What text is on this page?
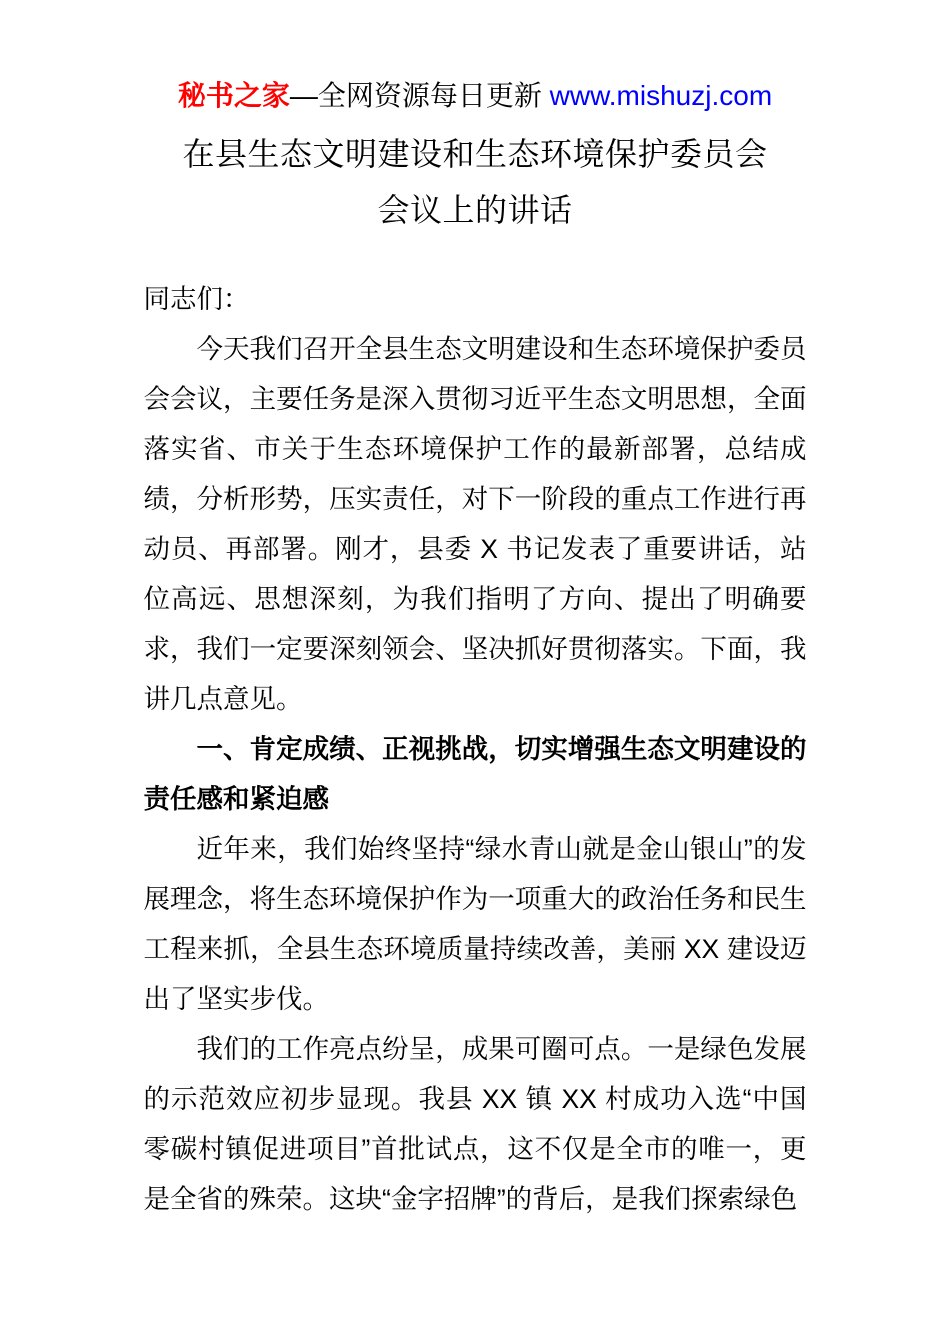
秘书之家—全网资源每日更新 www.mishuzj.com
在县生态文明建设和生态环境保护委员会
会议上的讲话

同志们：

今天我们召开全县生态文明建设和生态环境保护委员会会议，主要任务是深入贯彻习近平生态文明思想，全面落实省、市关于生态环境保护工作的最新部署，总结成绩，分析形势，压实责任，对下一阶段的重点工作进行再动员、再部署。刚才，县委 X 书记发表了重要讲话，站位高远、思想深刻，为我们指明了方向、提出了明确要求，我们一定要深刻领会、坚决抓好贯彻落实。下面，我讲几点意见。

一、肯定成绩、正视挑战，切实增强生态文明建设的责任感和紧迫感

近年来，我们始终坚持“绿水青山就是金山银山”的发展理念，将生态环境保护作为一项重大的政治任务和民生工程来抓，全县生态环境质量持续改善，美丽 XX 建设迈出了坚实步伐。

我们的工作亮点纷呈，成果可圈可点。一是绿色发展的示范效应初步显现。我县 XX 镇 XX 村成功入选“中国零碳村镇促进项目”首批试点，这不仅是全市的唯一，更是全省的殊荣。这块“金字招牌”的背后，是我们探索绿色
